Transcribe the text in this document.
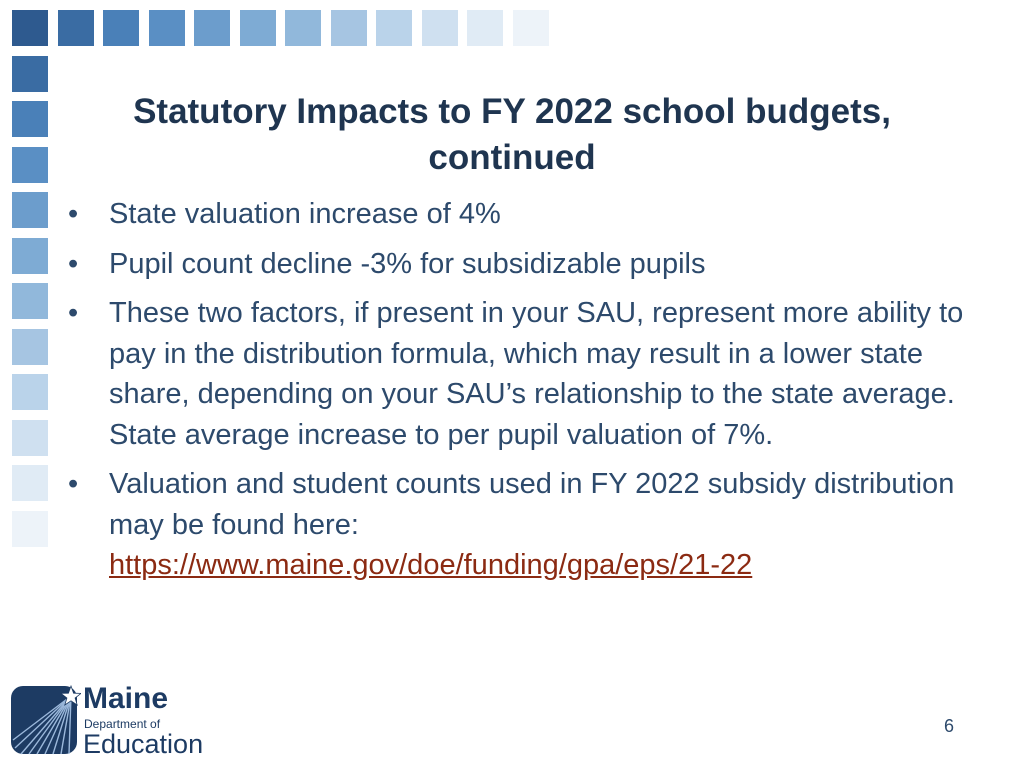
Statutory Impacts to FY 2022 school budgets, continued
• State valuation increase of 4%
• Pupil count decline -3% for subsidizable pupils
• These two factors, if present in your SAU, represent more ability to pay in the distribution formula, which may result in a lower state share, depending on your SAU’s relationship to the state average. State average increase to per pupil valuation of 7%.
• Valuation and student counts used in FY 2022 subsidy distribution may be found here:
https://www.maine.gov/doe/funding/gpa/eps/21-22
Maine
Department of
Education
6
